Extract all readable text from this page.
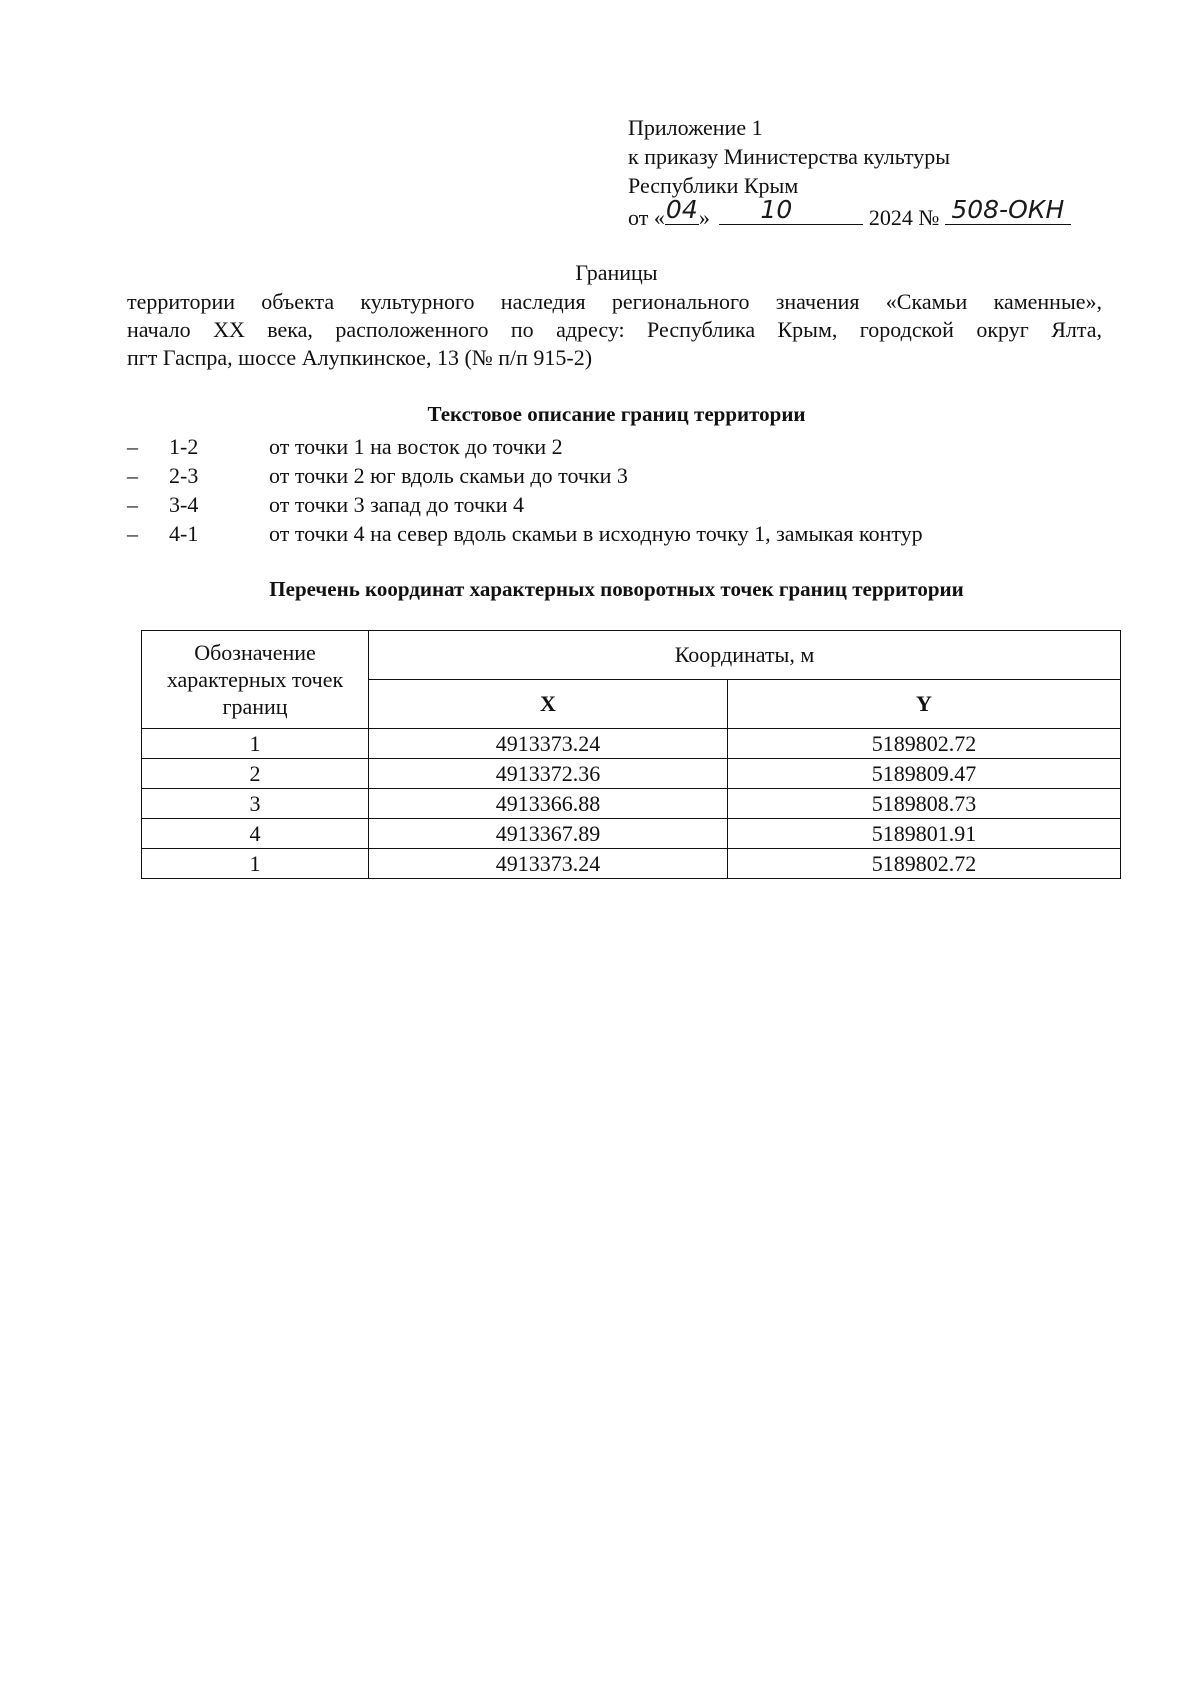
Приложение 1
к приказу Министерства культуры
Республики Крым
от « 04 »	10	2024 № 508-ОКН
Границы
территории объекта культурного наследия регионального значения «Скамьи каменные»,
начало XX века, расположенного по адресу: Республика Крым, городской округ Ялта,
пгт Гаспра, шоссе Алупкинское, 13 (№ п/п 915-2)
Текстовое описание границ территории
–	1-2	от точки 1 на восток до точки 2
–	2-3	от точки 2 юг вдоль скамьи до точки 3
–	3-4	от точки 3 запад до точки 4
–	4-1	от точки 4 на север вдоль скамьи в исходную точку 1, замыкая контур
Перечень координат характерных поворотных точек границ территории
Обозначение характерных точек границ	Координаты, м	
	X	Y
1	4913373.24	5189802.72
2	4913372.36	5189809.47
3	4913366.88	5189808.73
4	4913367.89	5189801.91
1	4913373.24	5189802.72
